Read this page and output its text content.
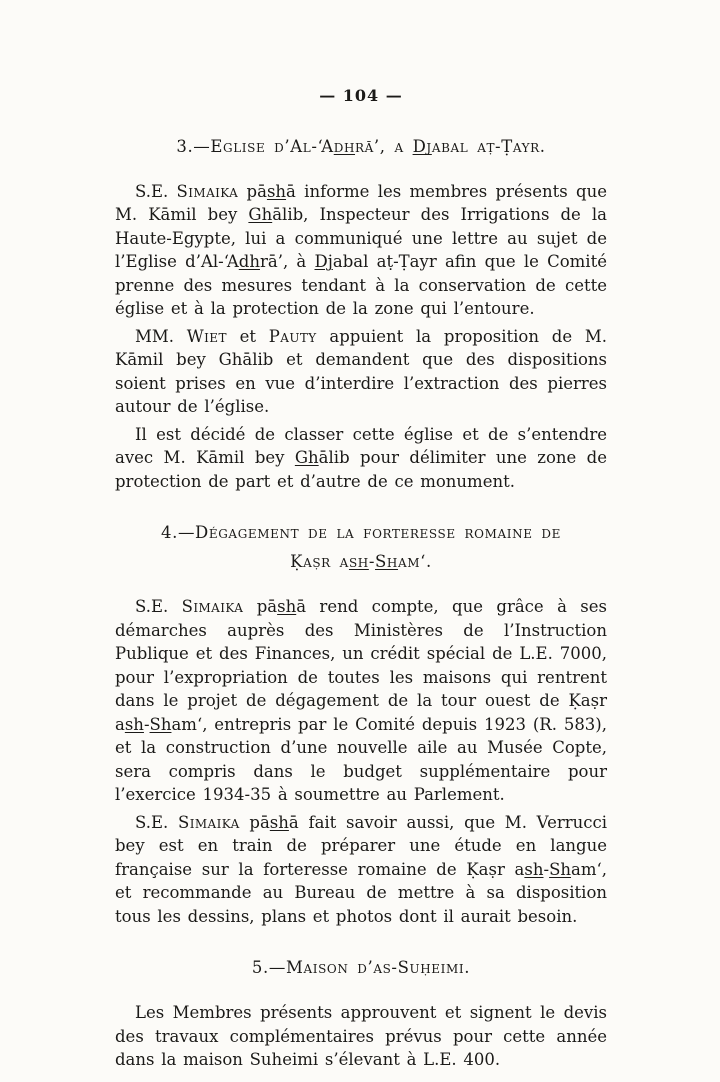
— 104 —
3.—Eglise d’Al-‘Adhrā’, a Djabal aṭ-Ṭayr.

S.E. Simaika pāshā informe les membres présents que M. Kāmil bey Ghālib, Inspecteur des Irrigations de la Haute-Egypte, lui a communiqué une lettre au sujet de l’Eglise d’Al-‘Adhrā’, à Djabal aṭ-Ṭayr afin que le Comité prenne des mesures tendant à la conservation de cette église et à la protection de la zone qui l’entoure.

MM. Wiet et Pauty appuient la proposition de M. Kāmil bey Ghālib et demandent que des dispositions soient prises en vue d’interdire l’extraction des pierres autour de l’église.

Il est décidé de classer cette église et de s’entendre avec M. Kāmil bey Ghālib pour délimiter une zone de protection de part et d’autre de ce monument.

4.—Dégagement de la forteresse romaine de
Ḳaṣr ash-Sham‘.

S.E. Simaika pāshā rend compte, que grâce à ses démarches auprès des Ministères de l’Instruction Publique et des Finances, un crédit spécial de L.E. 7000, pour l’expropriation de toutes les maisons qui rentrent dans le projet de dégagement de la tour ouest de Ḳaṣr ash-Sham‘, entrepris par le Comité depuis 1923 (R. 583), et la construction d’une nouvelle aile au Musée Copte, sera compris dans le budget supplémentaire pour l’exercice 1934-35 à soumettre au Parlement.

S.E. Simaika pāshā fait savoir aussi, que M. Verrucci bey est en train de préparer une étude en langue française sur la forteresse romaine de Ḳaṣr ash-Sham‘, et recommande au Bureau de mettre à sa disposition tous les dessins, plans et photos dont il aurait besoin.

5.—Maison d’as-Suḥeimi.

Les Membres présents approuvent et signent le devis des travaux complémentaires prévus pour cette année dans la maison Suheimi s’élevant à L.E. 400.
